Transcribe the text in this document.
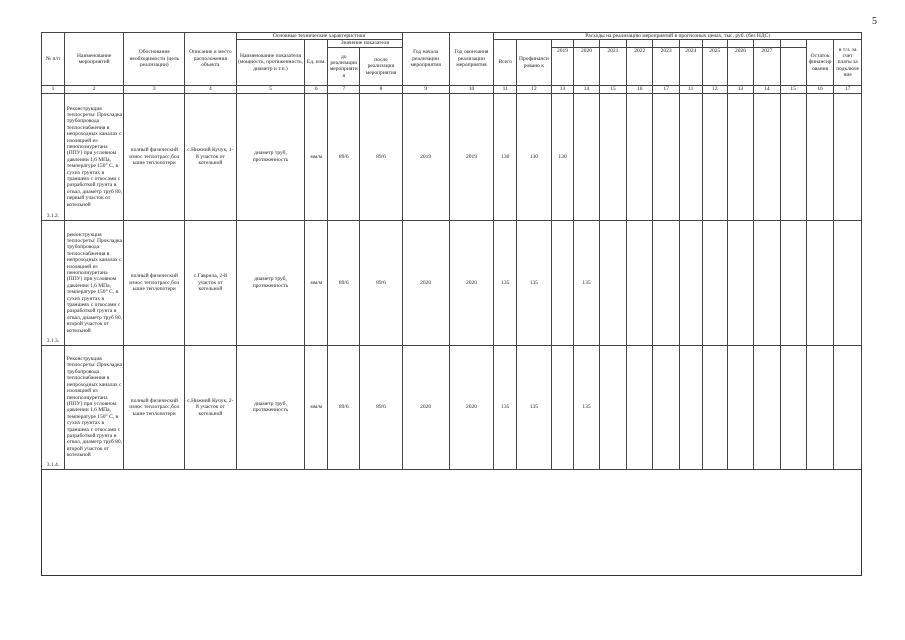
5
№ п/п	Наименование мероприятий	Обоснование необходимости (цель реализации)	Описание и место расположения объекта	Основные технические характеристики				Год начала реализации мероприятия	Год окончания реализации мероприятия	Расходы на реализацию мероприятий в прогнозных ценах, тыс. руб. (без НДС)													
				Наименование показателя (мощность, протяженность, диаметр и т.п.)	Ед. изм.	Значение показателя				Всего	Профинансировано к											Остаток финансирования	в т.ч. за счет платы за подключение
						до реализации мероприятия	после реализации мероприятия					2019	2020	2021	2022	2023	2024	2025	2026	2027			
1	2	3	4	5	6	7	8	9	10	11	12	13	14	15	16	17	11	12	13	14	15	16	17
3.1.2.	Реконструкция теплосреты: Прокладка трубопровода теплоснабжения в непроходных каналах с изоляцией из пенополиуретана (ППУ) при условном давлении 1,6 МПа, температуре 150° С, в сухих грунтах в траншеях с откосами с разработкой грунта в отвал, диаметр труб 80, первый участок от котельной	полный физический износ теплотрасс,бол ьшие теплопотери	с.Нижний Кучук, 1-й участок от котельной	диаметр труб, протяженность	мм/м	89/6	89/6	2019	2019	130	130	130											
3.1.3.	реконструкция теплосреты: Прокладка трубопровода теплоснабжения в непроходных каналах с изоляцией из пенополиуретана (ППУ) при условном давлении 1,6 МПа, температуре 150° С, в сухих грунтах в траншеях с откосами с разработкой грунта в отвал, диаметр труб 80, второй участок от котельной	полный физический износ теплотрасс,бол ьшие теплопотери	с.Гаврила, 2-й участок от котельной	диаметр труб, протяженность	мм/м	89/6	89/6	2020	2020	135	135		135										
3.1.4.	Реконструкция теплосреты: Прокладка трубопровода теплоснабжения в непроходных каналах с изоляцией из пенополиуретана (ППУ) при условном давлении 1,6 МПа, температуре 150° С, в сухих грунтах в траншеях с откосами с разработкой грунта в отвал, диаметр труб 80, второй участок от котельной	полный физический износ теплотрасс,бол ьшие теплопотери	с.Нижний Кучук, 2-й участок от котельной	диаметр труб, протяженность	мм/м	89/6	89/6	2020	2020	135	135		135										
